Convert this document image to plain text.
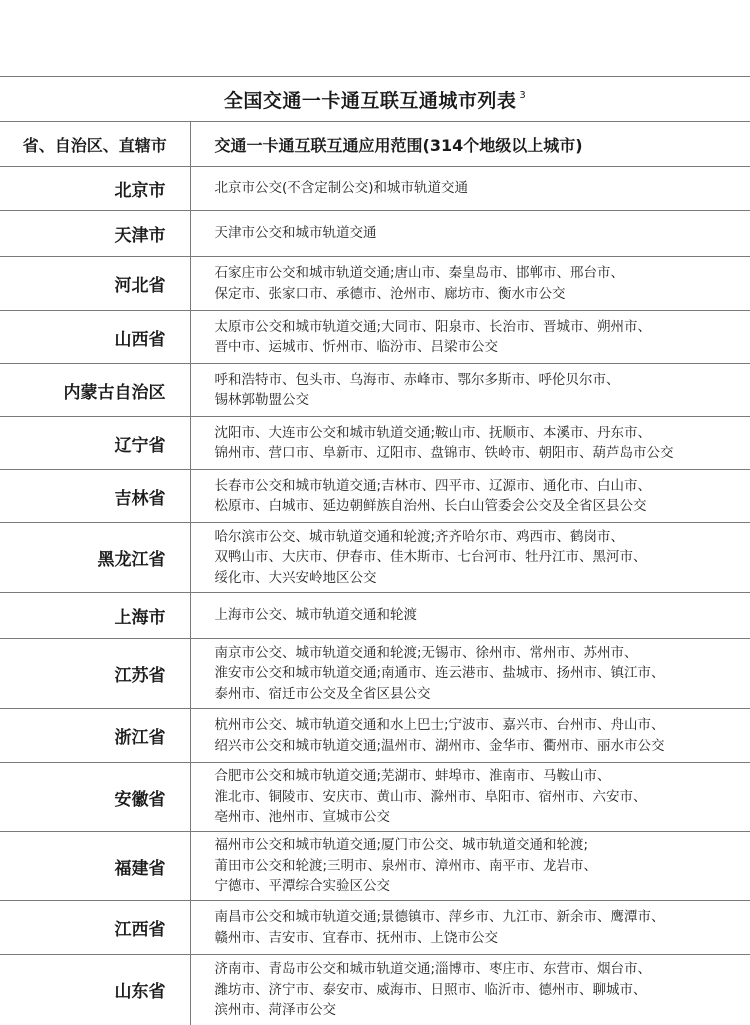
全国交通一卡通互联互通城市列表 $^3$
省、自治区、直辖市	交通一卡通互联互通应用范围(314个地级以上城市)
北京市	北京市公交(不含定制公交)和城市轨道交通

天津市	天津市公交和城市轨道交通

河北省	石家庄市公交和城市轨道交通;唐山市、秦皇岛市、邯郸市、邢台市、
保定市、张家口市、承德市、沧州市、廊坊市、衡水市公交

山西省	太原市公交和城市轨道交通;大同市、阳泉市、长治市、晋城市、朔州市、
晋中市、运城市、忻州市、临汾市、吕梁市公交

内蒙古自治区	呼和浩特市、包头市、乌海市、赤峰市、鄂尔多斯市、呼伦贝尔市、
锡林郭勒盟公交

辽宁省	沈阳市、大连市公交和城市轨道交通;鞍山市、抚顺市、本溪市、丹东市、
锦州市、营口市、阜新市、辽阳市、盘锦市、铁岭市、朝阳市、葫芦岛市公交

吉林省	长春市公交和城市轨道交通;吉林市、四平市、辽源市、通化市、白山市、
松原市、白城市、延边朝鲜族自治州、长白山管委会公交及全省区县公交

黑龙江省	哈尔滨市公交、城市轨道交通和轮渡;齐齐哈尔市、鸡西市、鹤岗市、
双鸭山市、大庆市、伊春市、佳木斯市、七台河市、牡丹江市、黑河市、
绥化市、大兴安岭地区公交

上海市	上海市公交、城市轨道交通和轮渡

江苏省	南京市公交、城市轨道交通和轮渡;无锡市、徐州市、常州市、苏州市、
淮安市公交和城市轨道交通;南通市、连云港市、盐城市、扬州市、镇江市、
泰州市、宿迁市公交及全省区县公交

浙江省	杭州市公交、城市轨道交通和水上巴士;宁波市、嘉兴市、台州市、舟山市、
绍兴市公交和城市轨道交通;温州市、湖州市、金华市、衢州市、丽水市公交

安徽省	合肥市公交和城市轨道交通;芜湖市、蚌埠市、淮南市、马鞍山市、
淮北市、铜陵市、安庆市、黄山市、滁州市、阜阳市、宿州市、六安市、
亳州市、池州市、宣城市公交

福建省	福州市公交和城市轨道交通;厦门市公交、城市轨道交通和轮渡;
莆田市公交和轮渡;三明市、泉州市、漳州市、南平市、龙岩市、
宁德市、平潭综合实验区公交

江西省	南昌市公交和城市轨道交通;景德镇市、萍乡市、九江市、新余市、鹰潭市、
赣州市、吉安市、宜春市、抚州市、上饶市公交

山东省	济南市、青岛市公交和城市轨道交通;淄博市、枣庄市、东营市、烟台市、
潍坊市、济宁市、泰安市、威海市、日照市、临沂市、德州市、聊城市、
滨州市、菏泽市公交
